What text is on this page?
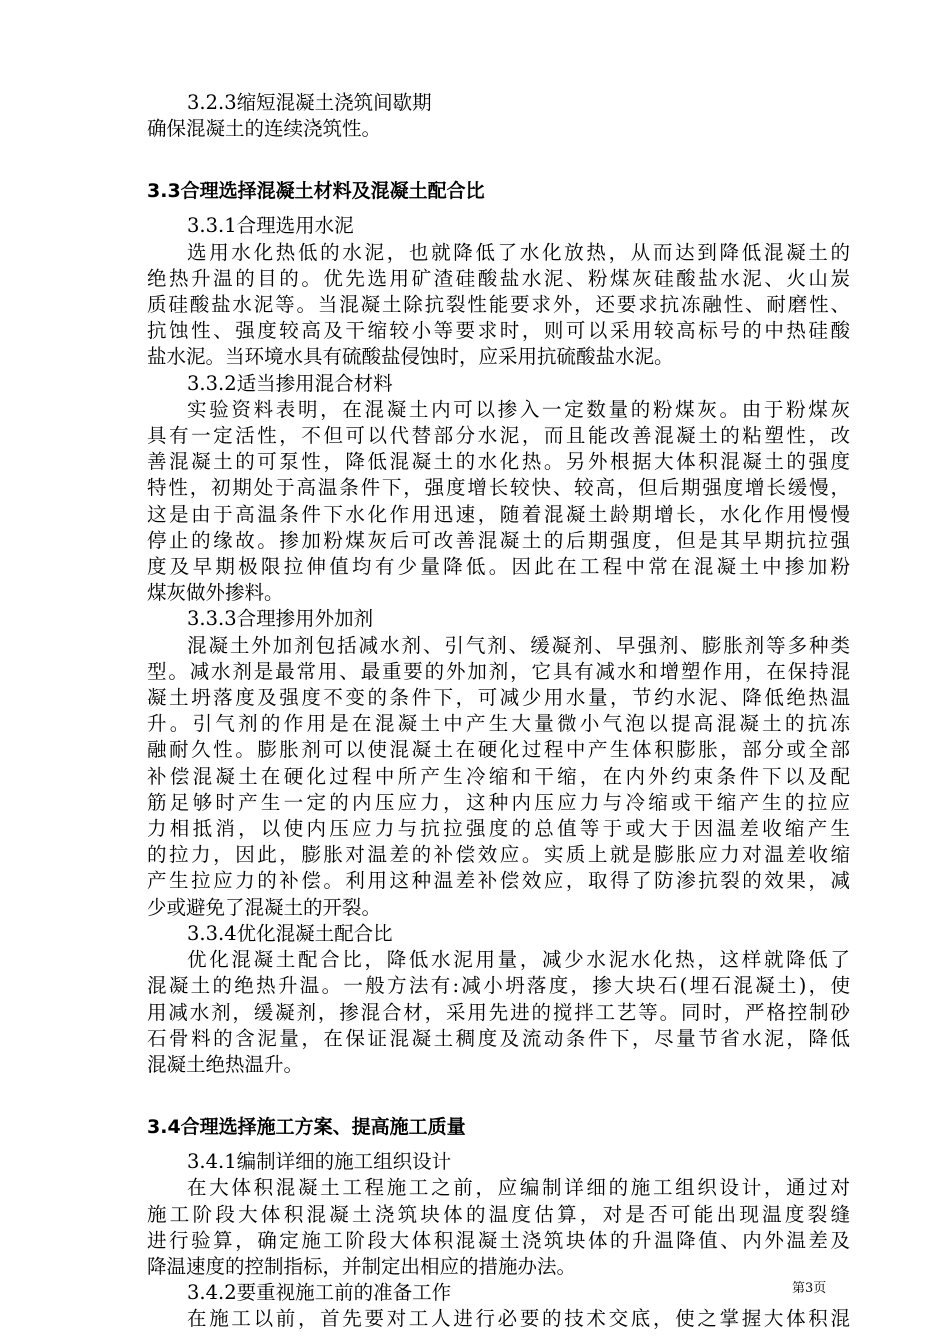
3.2.3缩短混凝土浇筑间歇期
确保混凝土的连续浇筑性。
3.3合理选择混凝土材料及混凝土配合比
3.3.1合理选用水泥
选用水化热低的水泥，也就降低了水化放热，从而达到降低混凝土的
绝热升温的目的。优先选用矿渣硅酸盐水泥、粉煤灰硅酸盐水泥、火山炭
质硅酸盐水泥等。当混凝土除抗裂性能要求外，还要求抗冻融性、耐磨性、
抗蚀性、强度较高及干缩较小等要求时，则可以采用较高标号的中热硅酸
盐水泥。当环境水具有硫酸盐侵蚀时，应采用抗硫酸盐水泥。
3.3.2适当掺用混合材料
实验资料表明，在混凝土内可以掺入一定数量的粉煤灰。由于粉煤灰
具有一定活性，不但可以代替部分水泥，而且能改善混凝土的粘塑性，改
善混凝土的可泵性，降低混凝土的水化热。另外根据大体积混凝土的强度
特性，初期处于高温条件下，强度增长较快、较高，但后期强度增长缓慢，
这是由于高温条件下水化作用迅速，随着混凝土龄期增长，水化作用慢慢
停止的缘故。掺加粉煤灰后可改善混凝土的后期强度，但是其早期抗拉强
度及早期极限拉伸值均有少量降低。因此在工程中常在混凝土中掺加粉
煤灰做外掺料。
3.3.3合理掺用外加剂
混凝土外加剂包括减水剂、引气剂、缓凝剂、早强剂、膨胀剂等多种类
型。减水剂是最常用、最重要的外加剂，它具有减水和增塑作用，在保持混
凝土坍落度及强度不变的条件下，可减少用水量，节约水泥、降低绝热温
升。引气剂的作用是在混凝土中产生大量微小气泡以提高混凝土的抗冻
融耐久性。膨胀剂可以使混凝土在硬化过程中产生体积膨胀，部分或全部
补偿混凝土在硬化过程中所产生冷缩和干缩，在内外约束条件下以及配
筋足够时产生一定的内压应力，这种内压应力与冷缩或干缩产生的拉应
力相抵消，以使内压应力与抗拉强度的总值等于或大于因温差收缩产生
的拉力，因此，膨胀对温差的补偿效应。实质上就是膨胀应力对温差收缩
产生拉应力的补偿。利用这种温差补偿效应，取得了防渗抗裂的效果，减
少或避免了混凝土的开裂。
3.3.4优化混凝土配合比
优化混凝土配合比，降低水泥用量，减少水泥水化热，这样就降低了
混凝土的绝热升温。一般方法有:减小坍落度，掺大块石(埋石混凝土)，使
用减水剂，缓凝剂，掺混合材，采用先进的搅拌工艺等。同时，严格控制砂
石骨料的含泥量，在保证混凝土稠度及流动条件下，尽量节省水泥，降低
混凝土绝热温升。
3.4合理选择施工方案、提高施工质量
3.4.1编制详细的施工组织设计
在大体积混凝土工程施工之前，应编制详细的施工组织设计，通过对
施工阶段大体积混凝土浇筑块体的温度估算，对是否可能出现温度裂缝
进行验算，确定施工阶段大体积混凝土浇筑块体的升温降值、内外温差及
降温速度的控制指标，并制定出相应的措施办法。
3.4.2要重视施工前的准备工作
在施工以前，首先要对工人进行必要的技术交底，使之掌握大体积混
第3页
